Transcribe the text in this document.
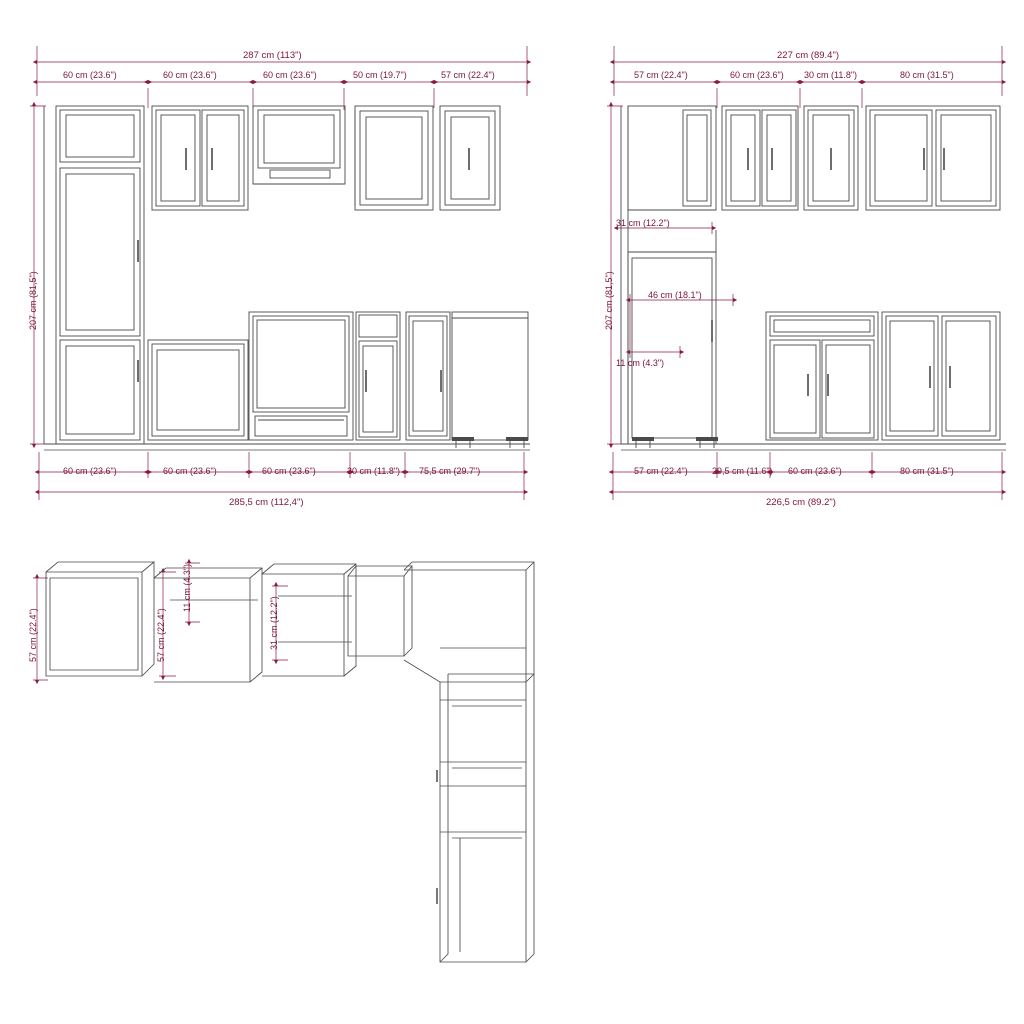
287 cm (113")
60 cm (23.6")	60 cm (23.6")	60 cm (23.6")	50 cm (19.7")	57 cm (22.4")
207 cm (81,5")
60 cm (23.6")	60 cm (23.6")	60 cm (23.6")	30 cm (11.8") 75,5 cm (29.7")
285,5 cm (112,4")
227 cm (89.4")
57 cm (22.4")	60 cm (23.6") 30 cm (11.8")	80 cm (31.5")
207 cm (81,5")
31 cm (12.2")
46 cm (18.1")
11 cm (4.3")
57 cm (22.4")	29,5 cm (11.6") 60 cm (23.6")	80 cm (31.5")
226,5 cm (89.2")
57 cm (22.4")	57 cm (22.4")
11 cm (4.3")
31 cm (12.2")
